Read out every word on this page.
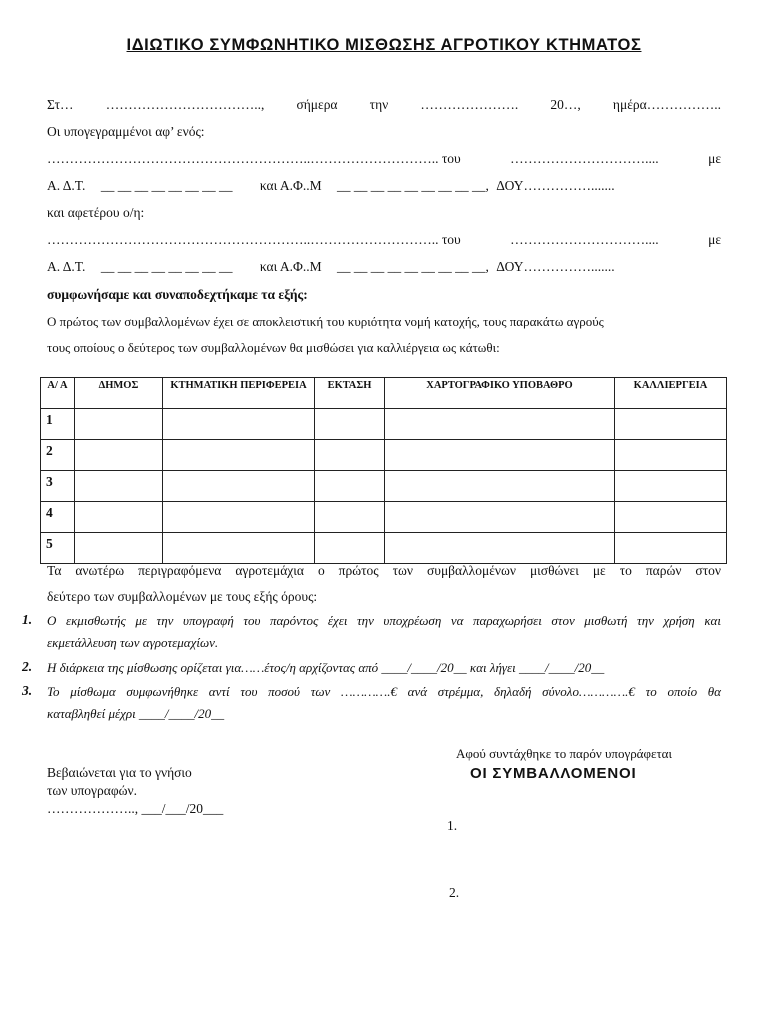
ΙΔΙΩΤΙΚΟ ΣΥΜΦΩΝΗΤΙΚΟ ΜΙΣΘΩΣΗΣ ΑΓΡΟΤΙΚΟΥ ΚΤΗΜΑΤΟΣ
Στ… …………………………….., σήμερα την …………………. 20…, ημέρα……………..
Οι υπογεγραμμένοι αφ’ ενός:
…………………………………………………..……………………….. του	…………………………....	με
Α. Δ.Τ. __ __ __ __ __ __ __ __ και Α.Φ..Μ __ __ __ __ __ __ __ __ __, ΔΟΥ…………….......
και αφετέρου ο/η:
…………………………………………………..……………………….. του	…………………………....	με
Α. Δ.Τ. __ __ __ __ __ __ __ __ και Α.Φ..Μ __ __ __ __ __ __ __ __ __, ΔΟΥ…………….......
συμφωνήσαμε και συναποδεχτήκαμε τα εξής:
Ο πρώτος των συμβαλλομένων έχει σε αποκλειστική του κυριότητα νομή κατοχής, τους παρακάτω αγρούς
τους οποίους ο δεύτερος των συμβαλλομένων θα μισθώσει για καλλιέργεια ως κάτωθι:
Α/ Α	ΔΗΜΟΣ	ΚΤΗΜΑΤΙΚΗ ΠΕΡΙΦΕΡΕΙΑ	ΕΚΤΑΣΗ	ΧΑΡΤΟΓΡΑΦΙΚΟ ΥΠΟΒΑΘΡΟ	ΚΑΛΛΙΕΡΓΕΙΑ
1					
2					
3					
4					
5					
Τα ανωτέρω περιγραφόμενα αγροτεμάχια ο πρώτος των συμβαλλομένων μισθώνει με το παρών στον
δεύτερο των συμβαλλομένων με τους εξής όρους:
1. Ο εκμισθωτής με την υπογραφή του παρόντος έχει την υποχρέωση να παραχωρήσει στον μισθωτή την χρήση και
εκμετάλλευση των αγροτεμαχίων.
2. Η διάρκεια της μίσθωσης ορίζεται για……έτος/η αρχίζοντας από ____/____/20__ και λήγει ____/____/20__
3. Το μίσθωμα συμφωνήθηκε αντί του ποσού των ………….€ ανά στρέμμα, δηλαδή σύνολο………….€ το οποίο θα
καταβληθεί μέχρι ____/____/20__
Αφού συντάχθηκε το παρόν υπογράφεται
ΟΙ ΣΥΜΒΑΛΛΟΜΕΝΟΙ
Βεβαιώνεται για το γνήσιο
των υπογραφών.
……………….., ___/___/20___
1.
2.
